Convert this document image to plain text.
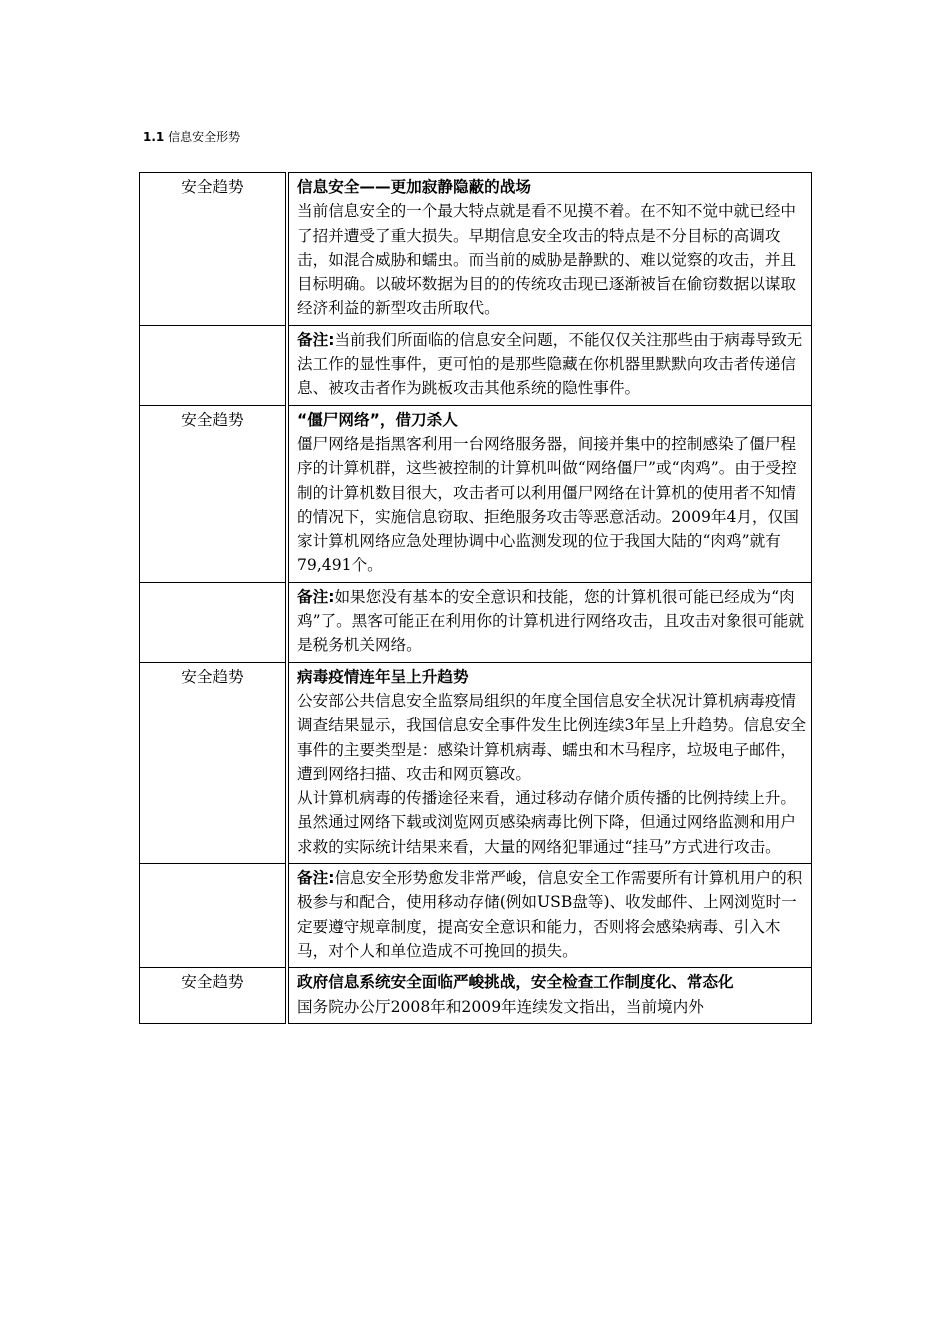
1.1 信息安全形势
安全趋势	信息安全——更加寂静隐蔽的战场

当前信息安全的一个最大特点就是看不见摸不着。在不知不觉中就已经中了招并遭受了重大损失。早期信息安全攻击的特点是不分目标的高调攻击，如混合威胁和蠕虫。而当前的威胁是静默的、难以觉察的攻击，并且目标明确。以破坏数据为目的的传统攻击现已逐渐被旨在偷窃数据以谋取经济利益的新型攻击所取代。

	备注:当前我们所面临的信息安全问题，不能仅仅关注那些由于病毒导致无法工作的显性事件，更可怕的是那些隐藏在你机器里默默向攻击者传递信息、被攻击者作为跳板攻击其他系统的隐性事件。

安全趋势	“僵尸网络”，借刀杀人

僵尸网络是指黑客利用一台网络服务器，间接并集中的控制感染了僵尸程序的计算机群，这些被控制的计算机叫做“网络僵尸”或“肉鸡”。由于受控制的计算机数目很大，攻击者可以利用僵尸网络在计算机的使用者不知情的情况下，实施信息窃取、拒绝服务攻击等恶意活动。2009年4月，仅国家计算机网络应急处理协调中心监测发现的位于我国大陆的“肉鸡”就有79,491个。

	备注:如果您没有基本的安全意识和技能，您的计算机很可能已经成为“肉鸡”了。黑客可能正在利用你的计算机进行网络攻击，且攻击对象很可能就是税务机关网络。

安全趋势	病毒疫情连年呈上升趋势

公安部公共信息安全监察局组织的年度全国信息安全状况计算机病毒疫情调查结果显示，我国信息安全事件发生比例连续3年呈上升趋势。信息安全事件的主要类型是：感染计算机病毒、蠕虫和木马程序，垃圾电子邮件，遭到网络扫描、攻击和网页篡改。

从计算机病毒的传播途径来看，通过移动存储介质传播的比例持续上升。虽然通过网络下载或浏览网页感染病毒比例下降，但通过网络监测和用户求救的实际统计结果来看，大量的网络犯罪通过“挂马”方式进行攻击。

	备注:信息安全形势愈发非常严峻，信息安全工作需要所有计算机用户的积极参与和配合，使用移动存储(例如USB盘等)、收发邮件、上网浏览时一定要遵守规章制度，提高安全意识和能力，否则将会感染病毒、引入木马，对个人和单位造成不可挽回的损失。

安全趋势	政府信息系统安全面临严峻挑战，安全检查工作制度化、常态化

国务院办公厅2008年和2009年连续发文指出，当前境内外
